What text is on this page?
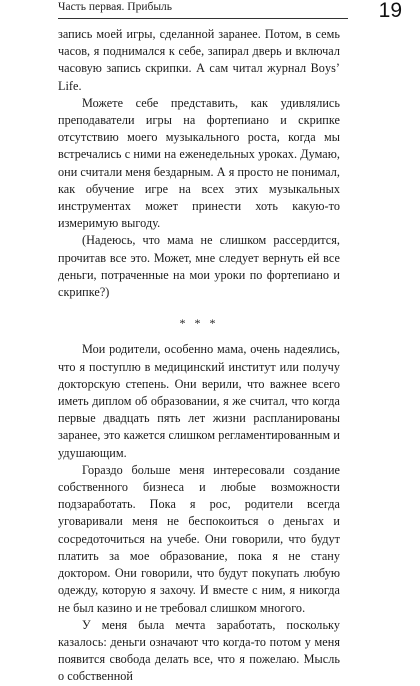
Часть первая. Прибыль	19

запись моей игры, сделанной заранее. Потом, в семь часов, я поднимался к себе, запирал дверь и включал часовую запись скрипки. А сам читал журнал Boys’ Life.

Можете себе представить, как удивлялись преподаватели игры на фортепиано и скрипке отсутствию моего музыкального роста, когда мы встречались с ними на еженедельных уроках. Думаю, они считали меня бездарным. А я просто не понимал, как обучение игре на всех этих музыкальных инструментах может принести хоть какую-то измеримую выгоду.

(Надеюсь, что мама не слишком рассердится, прочитав все это. Может, мне следует вернуть ей все деньги, потраченные на мои уроки по фортепиано и скрипке?)

* * *

Мои родители, особенно мама, очень надеялись, что я поступлю в медицинский институт или получу докторскую степень. Они верили, что важнее всего иметь диплом об образовании, я же считал, что когда первые двадцать пять лет жизни распланированы заранее, это кажется слишком регламентированным и удушающим.

Гораздо больше меня интересовали создание собственного бизнеса и любые возможности подзаработать. Пока я рос, родители всегда уговаривали меня не беспокоиться о деньгах и сосредоточиться на учебе. Они говорили, что будут платить за мое образование, пока я не стану доктором. Они говорили, что будут покупать любую одежду, которую я захочу. И вместе с ним, я никогда не был казино и не требовал слишком многого.

У меня была мечта заработать, поскольку казалось: деньги означают что когда-то потом у меня появится свобода делать все, что я пожелаю. Мысль о собственной
